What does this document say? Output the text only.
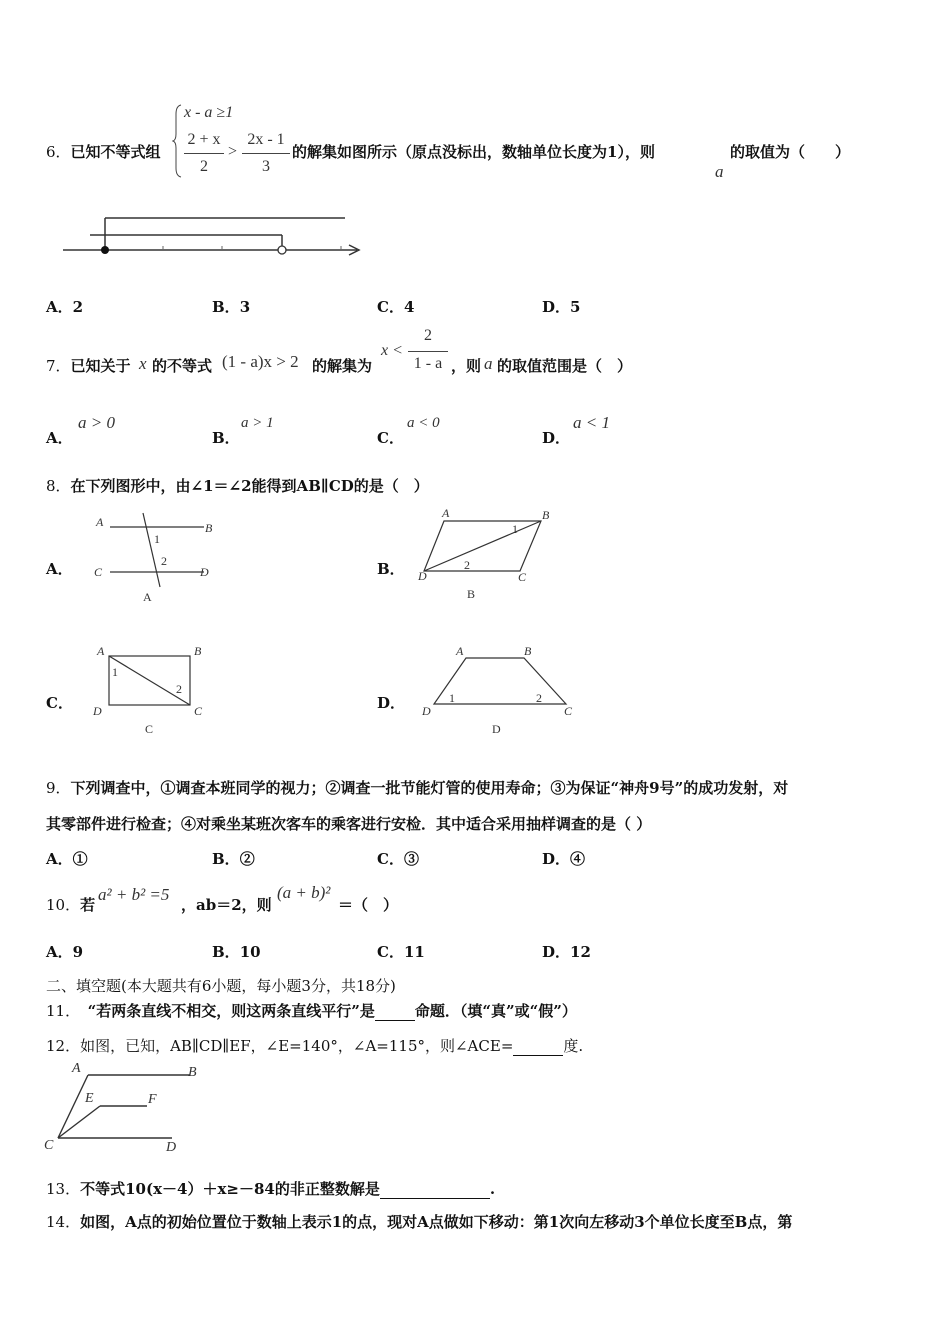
6．已知不等式组
x - a ≥1
2 + x
2
>
2x - 1
3
的解集如图所示（原点没标出，数轴单位长度为1），则
a
的取值为（　　）
A．2	B．3	C．4	D．5
7．已知关于 x 的不等式 (1 - a)x > 2 的解集为
x <
2
1 - a ，则 a 的取值范围是（　）
A．
a > 0
B．
a > 1
C．
a < 0
D．
a < 1
8．在下列图形中，由∠1＝∠2能得到AB∥CD的是（　）
A．
A	B
C	D
1
2
A
B．
A	B
C
D
1
2
B
C．
A	B
C
D
1
2
C
D．
A	B
C
D
1	2
D
9．下列调查中，①调查本班同学的视力；②调查一批节能灯管的使用寿命；③为保证“神舟9号”的成功发射，对
其零部件进行检查；④对乘坐某班次客车的乘客进行安检．其中适合采用抽样调查的是（ ）
A．①	B．②	C．③	D．④
10．若
a² + b² =5
，ab＝2，则
(a + b)²
＝（　）
A．9	B．10	C．11	D．12
二、填空题(本大题共有6小题，每小题3分，共18分)
11．　“若两条直线不相交，则这两条直线平行”是	命题．（填“真”或“假”）
12．如图，已知，AB∥CD∥EF，∠E=140°，∠A=115°，则∠ACE=	度.
A	B
C	D
E	F
13．不等式10(x－4）＋x≥－84的非正整数解是	.
14．如图，A点的初始位置位于数轴上表示1的点，现对A点做如下移动：第1次向左移动3个单位长度至B点，第
